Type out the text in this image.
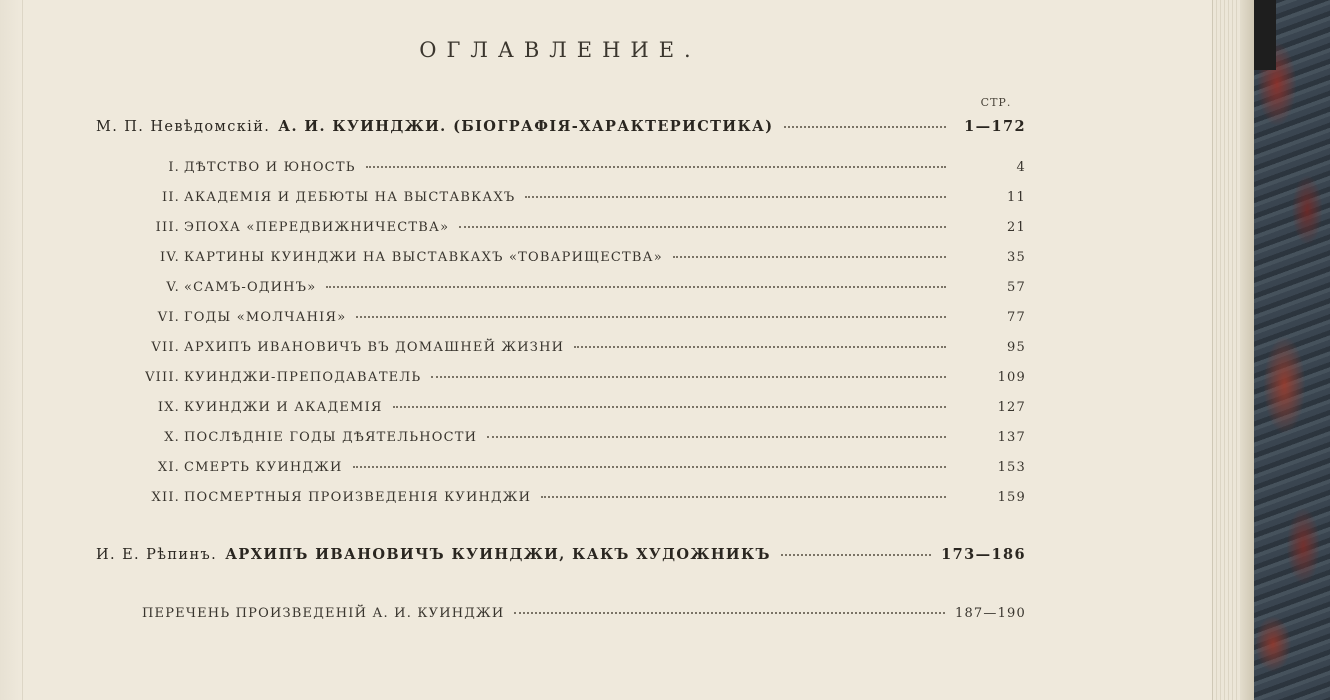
ОГЛАВЛЕНИЕ.
СТР.
М. П. Невѣдомскій. А. И. КУИНДЖИ. (БІОГРАФІЯ-ХАРАКТЕРИСТИКА)	1—172
I. ДѢТСТВО И ЮНОСТЬ	4
II. АКАДЕМІЯ И ДЕБЮТЫ НА ВЫСТАВКАХЪ	11
III. ЭПОХА «ПЕРЕДВИЖНИЧЕСТВА»	21
IV. КАРТИНЫ КУИНДЖИ НА ВЫСТАВКАХЪ «ТОВАРИЩЕСТВА»	35
V. «САМЪ-ОДИНЪ»	57
VI. ГОДЫ «МОЛЧАНІЯ»	77
VII. АРХИПЪ ИВАНОВИЧЪ ВЪ ДОМАШНЕЙ ЖИЗНИ	95
VIII. КУИНДЖИ-ПРЕПОДАВАТЕЛЬ	109
IX. КУИНДЖИ И АКАДЕМІЯ	127
X. ПОСЛѢДНІЕ ГОДЫ ДѢЯТЕЛЬНОСТИ	137
XI. СМЕРТЬ КУИНДЖИ	153
XII. ПОСМЕРТНЫЯ ПРОИЗВЕДЕНІЯ КУИНДЖИ	159
И. Е. Рѣпинъ. АРХИПЪ ИВАНОВИЧЪ КУИНДЖИ, КАКЪ ХУДОЖНИКЪ	173—186
ПЕРЕЧЕНЬ ПРОИЗВЕДЕНІЙ А. И. КУИНДЖИ	187—190
